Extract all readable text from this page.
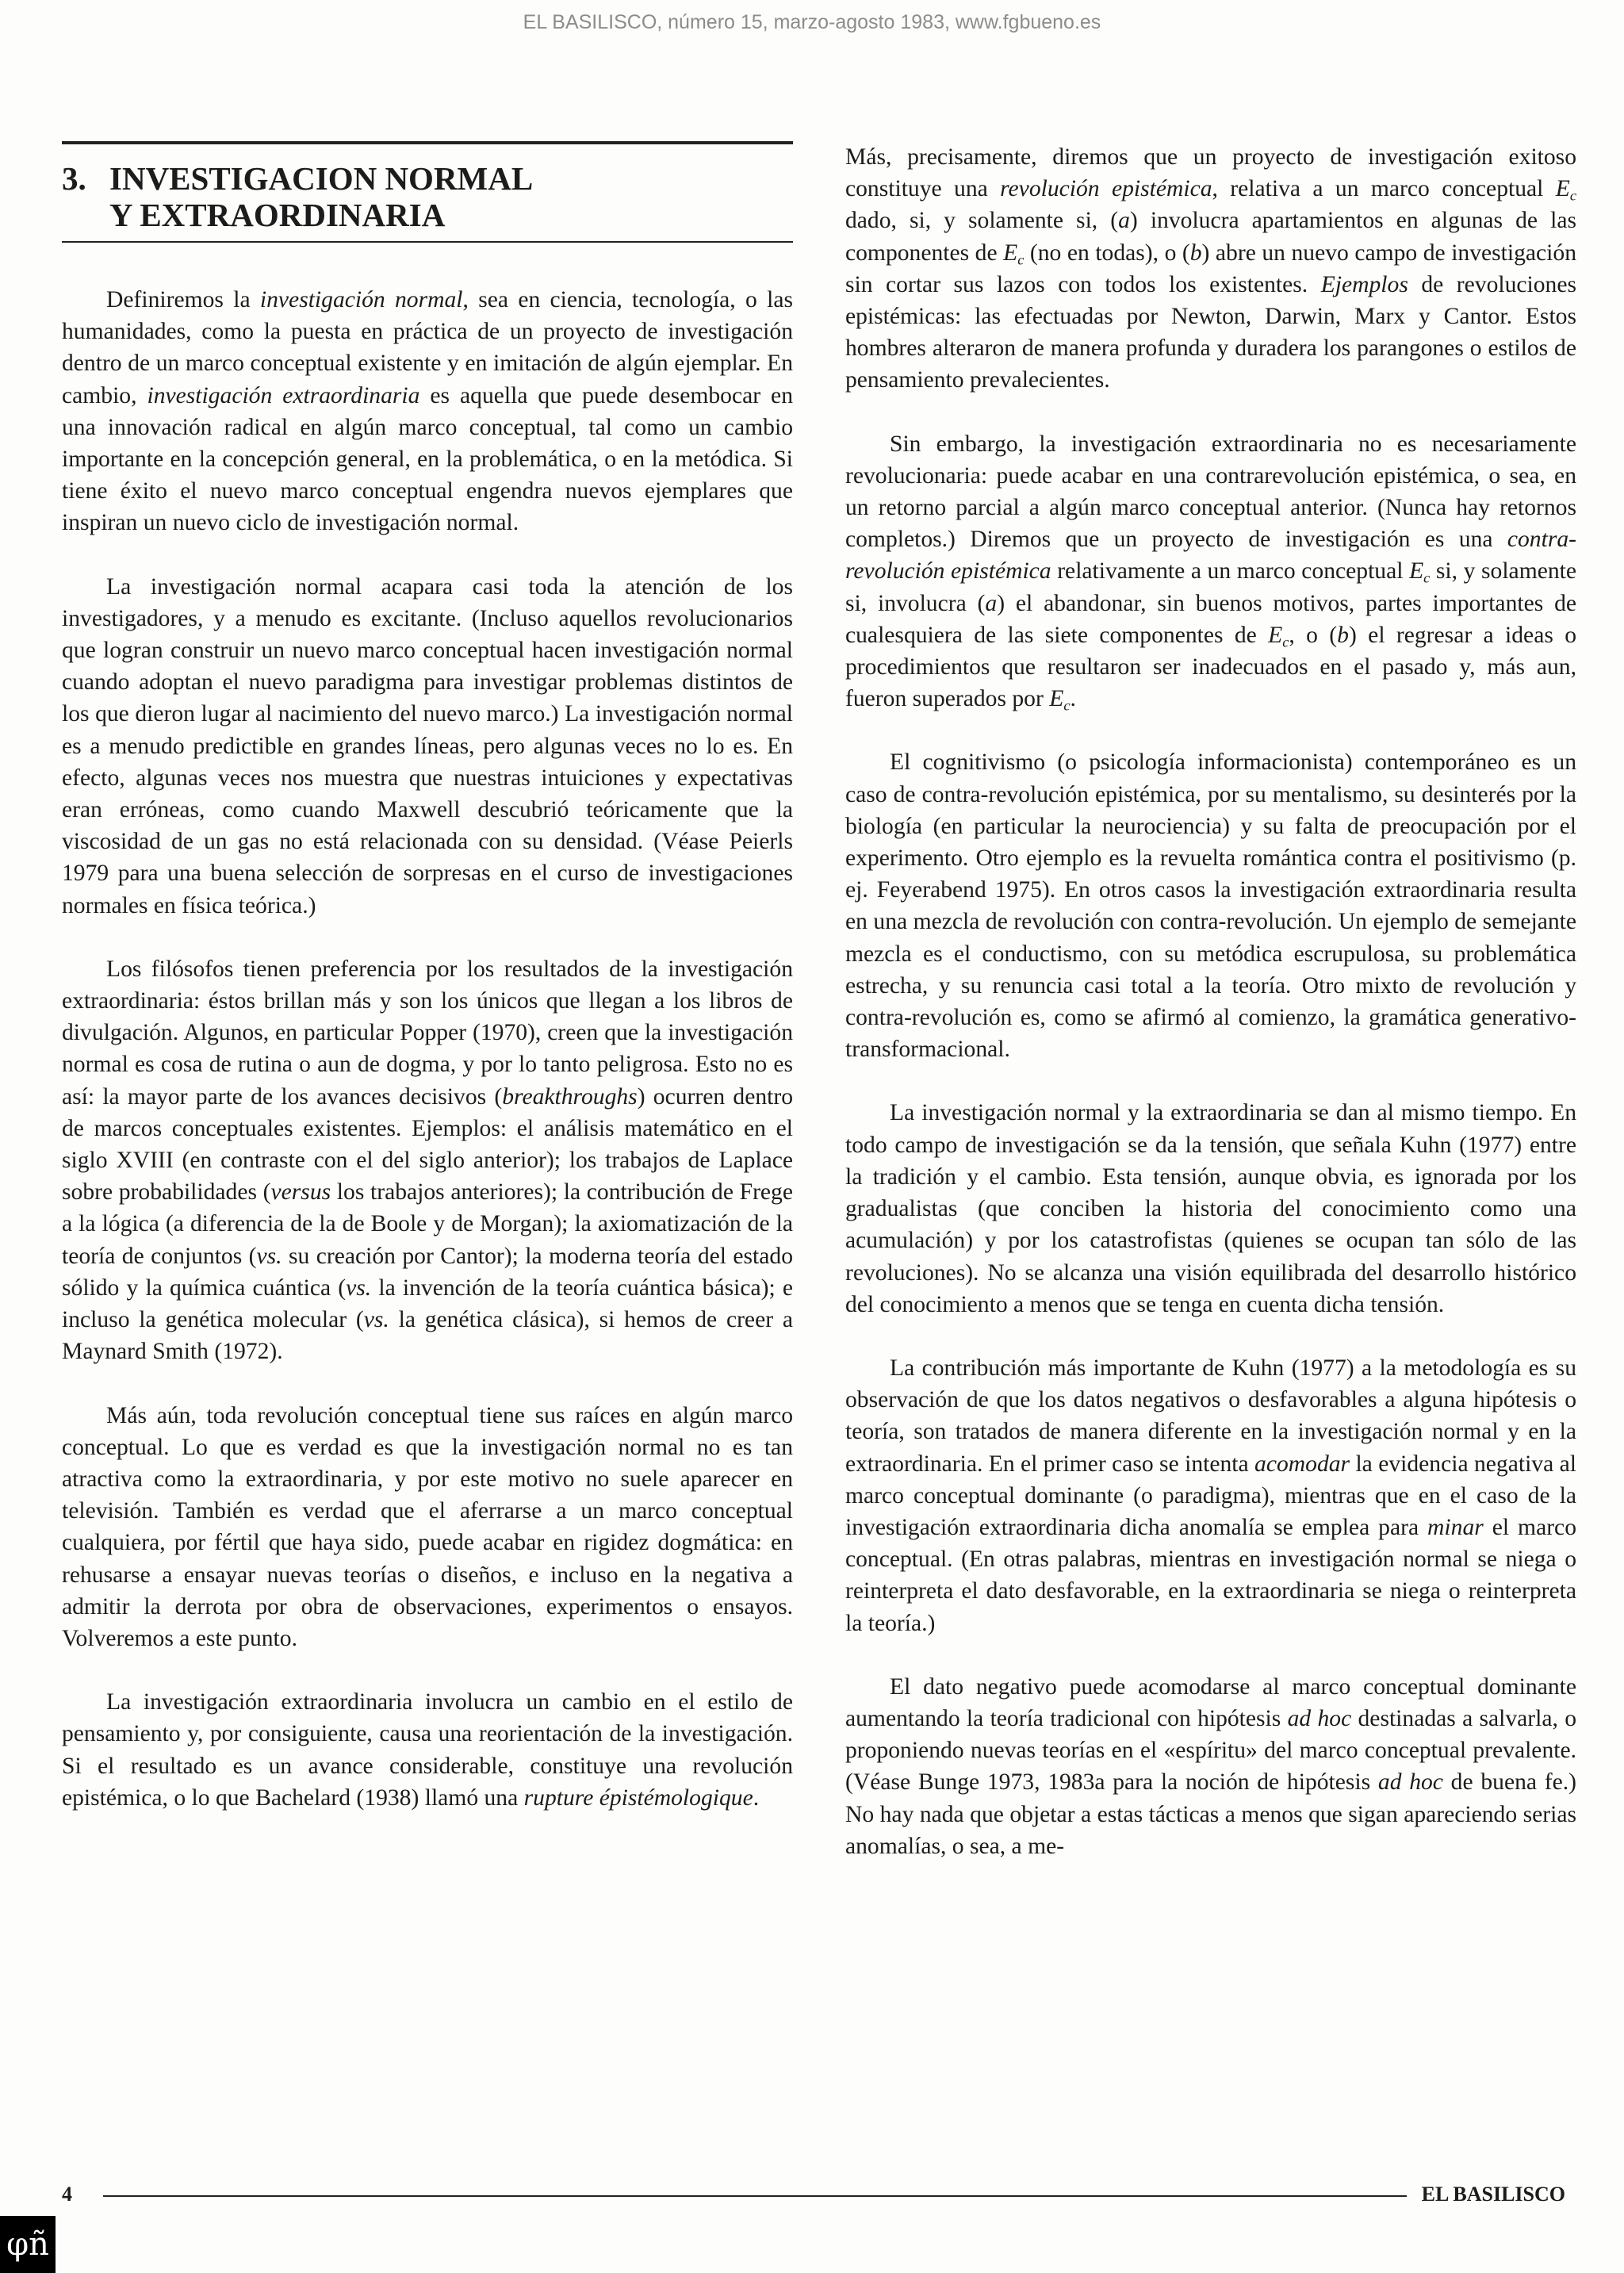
EL BASILISCO, número 15, marzo-agosto 1983, www.fgbueno.es
3. INVESTIGACION NORMAL
Y EXTRAORDINARIA

Definiremos la investigación normal, sea en ciencia, tecnología, o las humanidades, como la puesta en práctica de un proyecto de investigación dentro de un marco conceptual existente y en imitación de algún ejemplar. En cambio, investigación extraordinaria es aquella que puede desembocar en una innovación radical en algún marco conceptual, tal como un cambio importante en la concepción general, en la problemática, o en la metódica. Si tiene éxito el nuevo marco conceptual engendra nuevos ejemplares que inspiran un nuevo ciclo de investigación normal.

La investigación normal acapara casi toda la atención de los investigadores, y a menudo es excitante. (Incluso aquellos revolucionarios que logran construir un nuevo marco conceptual hacen investigación normal cuando adoptan el nuevo paradigma para investigar problemas distintos de los que dieron lugar al nacimiento del nuevo marco.) La investigación normal es a menudo predictible en grandes líneas, pero algunas veces no lo es. En efecto, algunas veces nos muestra que nuestras intuiciones y expectativas eran erróneas, como cuando Maxwell descubrió teóricamente que la viscosidad de un gas no está relacionada con su densidad. (Véase Peierls 1979 para una buena selección de sorpresas en el curso de investigaciones normales en física teórica.)

Los filósofos tienen preferencia por los resultados de la investigación extraordinaria: éstos brillan más y son los únicos que llegan a los libros de divulgación. Algunos, en particular Popper (1970), creen que la investigación normal es cosa de rutina o aun de dogma, y por lo tanto peligrosa. Esto no es así: la mayor parte de los avances decisivos (breakthroughs) ocurren dentro de marcos conceptuales existentes. Ejemplos: el análisis matemático en el siglo XVIII (en contraste con el del siglo anterior); los trabajos de Laplace sobre probabilidades (versus los trabajos anteriores); la contribución de Frege a la lógica (a diferencia de la de Boole y de Morgan); la axiomatización de la teoría de conjuntos (vs. su creación por Cantor); la moderna teoría del estado sólido y la química cuántica (vs. la invención de la teoría cuántica básica); e incluso la genética molecular (vs. la genética clásica), si hemos de creer a Maynard Smith (1972).

Más aún, toda revolución conceptual tiene sus raíces en algún marco conceptual. Lo que es verdad es que la investigación normal no es tan atractiva como la extraordinaria, y por este motivo no suele aparecer en televisión. También es verdad que el aferrarse a un marco conceptual cualquiera, por fértil que haya sido, puede acabar en rigidez dogmática: en rehusarse a ensayar nuevas teorías o diseños, e incluso en la negativa a admitir la derrota por obra de observaciones, experimentos o ensayos. Volveremos a este punto.

La investigación extraordinaria involucra un cambio en el estilo de pensamiento y, por consiguiente, causa una reorientación de la investigación. Si el resultado es un avance considerable, constituye una revolución epistémica, o lo que Bachelard (1938) llamó una rupture épistémologique.

Más, precisamente, diremos que un proyecto de investigación exitoso constituye una revolución epistémica, relativa a un marco conceptual $E_c$ dado, si, y solamente si, (a) involucra apartamientos en algunas de las componentes de $E_c$ (no en todas), o (b) abre un nuevo campo de investigación sin cortar sus lazos con todos los existentes. Ejemplos de revoluciones epistémicas: las efectuadas por Newton, Darwin, Marx y Cantor. Estos hombres alteraron de manera profunda y duradera los parangones o estilos de pensamiento prevalecientes.

Sin embargo, la investigación extraordinaria no es necesariamente revolucionaria: puede acabar en una contrarevolución epistémica, o sea, en un retorno parcial a algún marco conceptual anterior. (Nunca hay retornos completos.) Diremos que un proyecto de investigación es una contra-revolución epistémica relativamente a un marco conceptual $E_c$ si, y solamente si, involucra (a) el abandonar, sin buenos motivos, partes importantes de cualesquiera de las siete componentes de $E_c$, o (b) el regresar a ideas o procedimientos que resultaron ser inadecuados en el pasado y, más aun, fueron superados por $E_c$.

El cognitivismo (o psicología informacionista) contemporáneo es un caso de contra-revolución epistémica, por su mentalismo, su desinterés por la biología (en particular la neurociencia) y su falta de preocupación por el experimento. Otro ejemplo es la revuelta romántica contra el positivismo (p. ej. Feyerabend 1975). En otros casos la investigación extraordinaria resulta en una mezcla de revolución con contra-revolución. Un ejemplo de semejante mezcla es el conductismo, con su metódica escrupulosa, su problemática estrecha, y su renuncia casi total a la teoría. Otro mixto de revolución y contra-revolución es, como se afirmó al comienzo, la gramática generativo-transformacional.

La investigación normal y la extraordinaria se dan al mismo tiempo. En todo campo de investigación se da la tensión, que señala Kuhn (1977) entre la tradición y el cambio. Esta tensión, aunque obvia, es ignorada por los gradualistas (que conciben la historia del conocimiento como una acumulación) y por los catastrofistas (quienes se ocupan tan sólo de las revoluciones). No se alcanza una visión equilibrada del desarrollo histórico del conocimiento a menos que se tenga en cuenta dicha tensión.

La contribución más importante de Kuhn (1977) a la metodología es su observación de que los datos negativos o desfavorables a alguna hipótesis o teoría, son tratados de manera diferente en la investigación normal y en la extraordinaria. En el primer caso se intenta acomodar la evidencia negativa al marco conceptual dominante (o paradigma), mientras que en el caso de la investigación extraordinaria dicha anomalía se emplea para minar el marco conceptual. (En otras palabras, mientras en investigación normal se niega o reinterpreta el dato desfavorable, en la extraordinaria se niega o reinterpreta la teoría.)

El dato negativo puede acomodarse al marco conceptual dominante aumentando la teoría tradicional con hipótesis ad hoc destinadas a salvarla, o proponiendo nuevas teorías en el «espíritu» del marco conceptual prevalente. (Véase Bunge 1973, 1983a para la noción de hipótesis ad hoc de buena fe.) No hay nada que objetar a estas tácticas a menos que sigan apareciendo serias anomalías, o sea, a me-

4	EL BASILISCO
φñ
